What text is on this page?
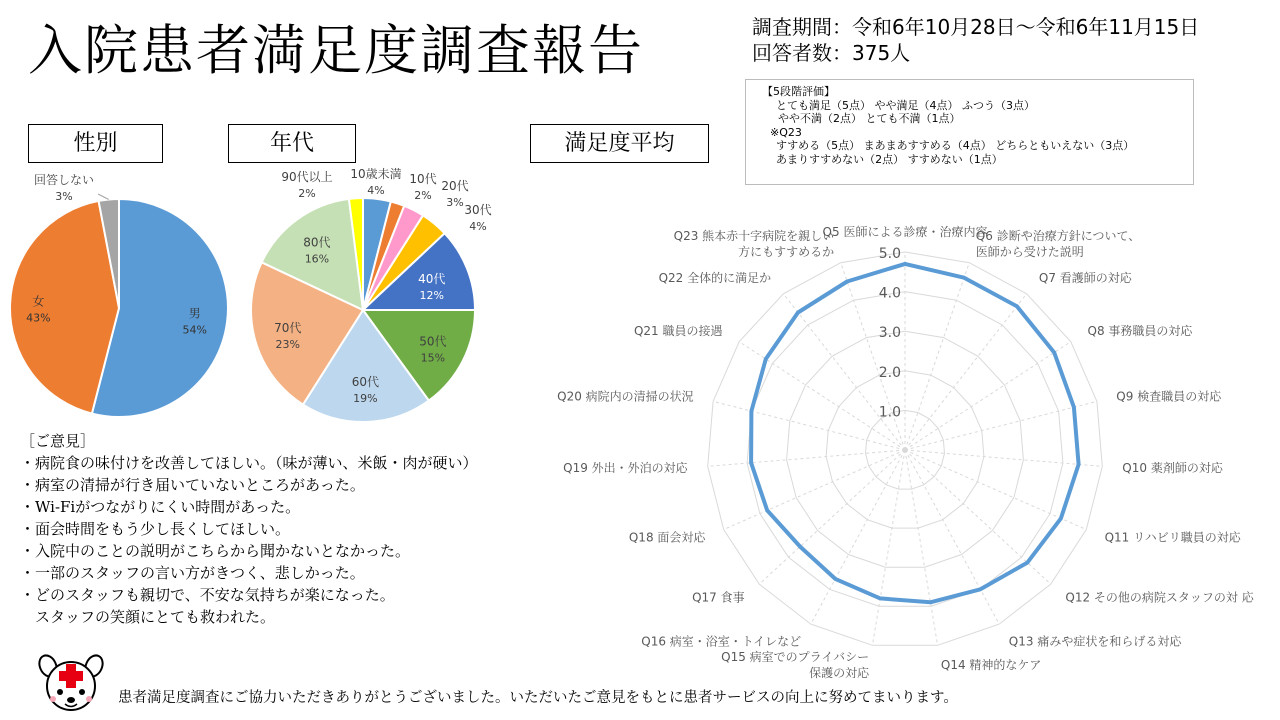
入院患者満足度調査報告	調査期間：令和6年10月28日～令和6年11月15日
回答者数：375人
【5段階評価】
とても満足（5点） やや満足（4点） ふつう（3点）
やや不満（2点） とても不満（1点）
※Q23
すすめる（5点） まあまあすすめる（4点） どちらともいえない（3点）
あまりすすめない（2点） すすめない（1点）
性別	年代	満足度平均
男
54%
女
43%
回答しない
3%
10歳未満
4%
10代
2%
20代
3%
30代
4%
40代
12%
50代
15%
60代
19%
70代
23%
80代
16%
90代以上
2%
1.0
2.0
3.0
4.0
5.0
Q5 医師による診療・治療内容
Q6 診断や治療方針について、医師から受けた説明
Q7 看護師の対応
Q8 事務職員の対応
Q9 検査職員の対応
Q10 薬剤師の対応
Q11 リハビリ職員の対応
Q12 その他の病院スタッフの対 応
Q13 痛みや症状を和らげる対応
Q14 精神的なケア
Q15 病室でのプライバシー保護の対応
Q16 病室・浴室・トイレなど
Q17 食事
Q18 面会対応
Q19 外出・外泊の対応
Q20 病院内の清掃の状況
Q21 職員の接遇
Q22 全体的に満足か
Q23 熊本赤十字病院を親しい方にもすすめるか
［ご意見］
・病院食の味付けを改善してほしい。（味が薄い、米飯・肉が硬い）
・病室の清掃が行き届いていないところがあった。
・Wi-Fiがつながりにくい時間があった。
・面会時間をもう少し長くしてほしい。
・入院中のことの説明がこちらから聞かないとなかった。
・一部のスタッフの言い方がきつく、悲しかった。
・どのスタッフも親切で、不安な気持ちが楽になった。
　スタッフの笑顔にとても救われた。
患者満足度調査にご協力いただきありがとうございました。いただいたご意見をもとに患者サービスの向上に努めてまいります。
